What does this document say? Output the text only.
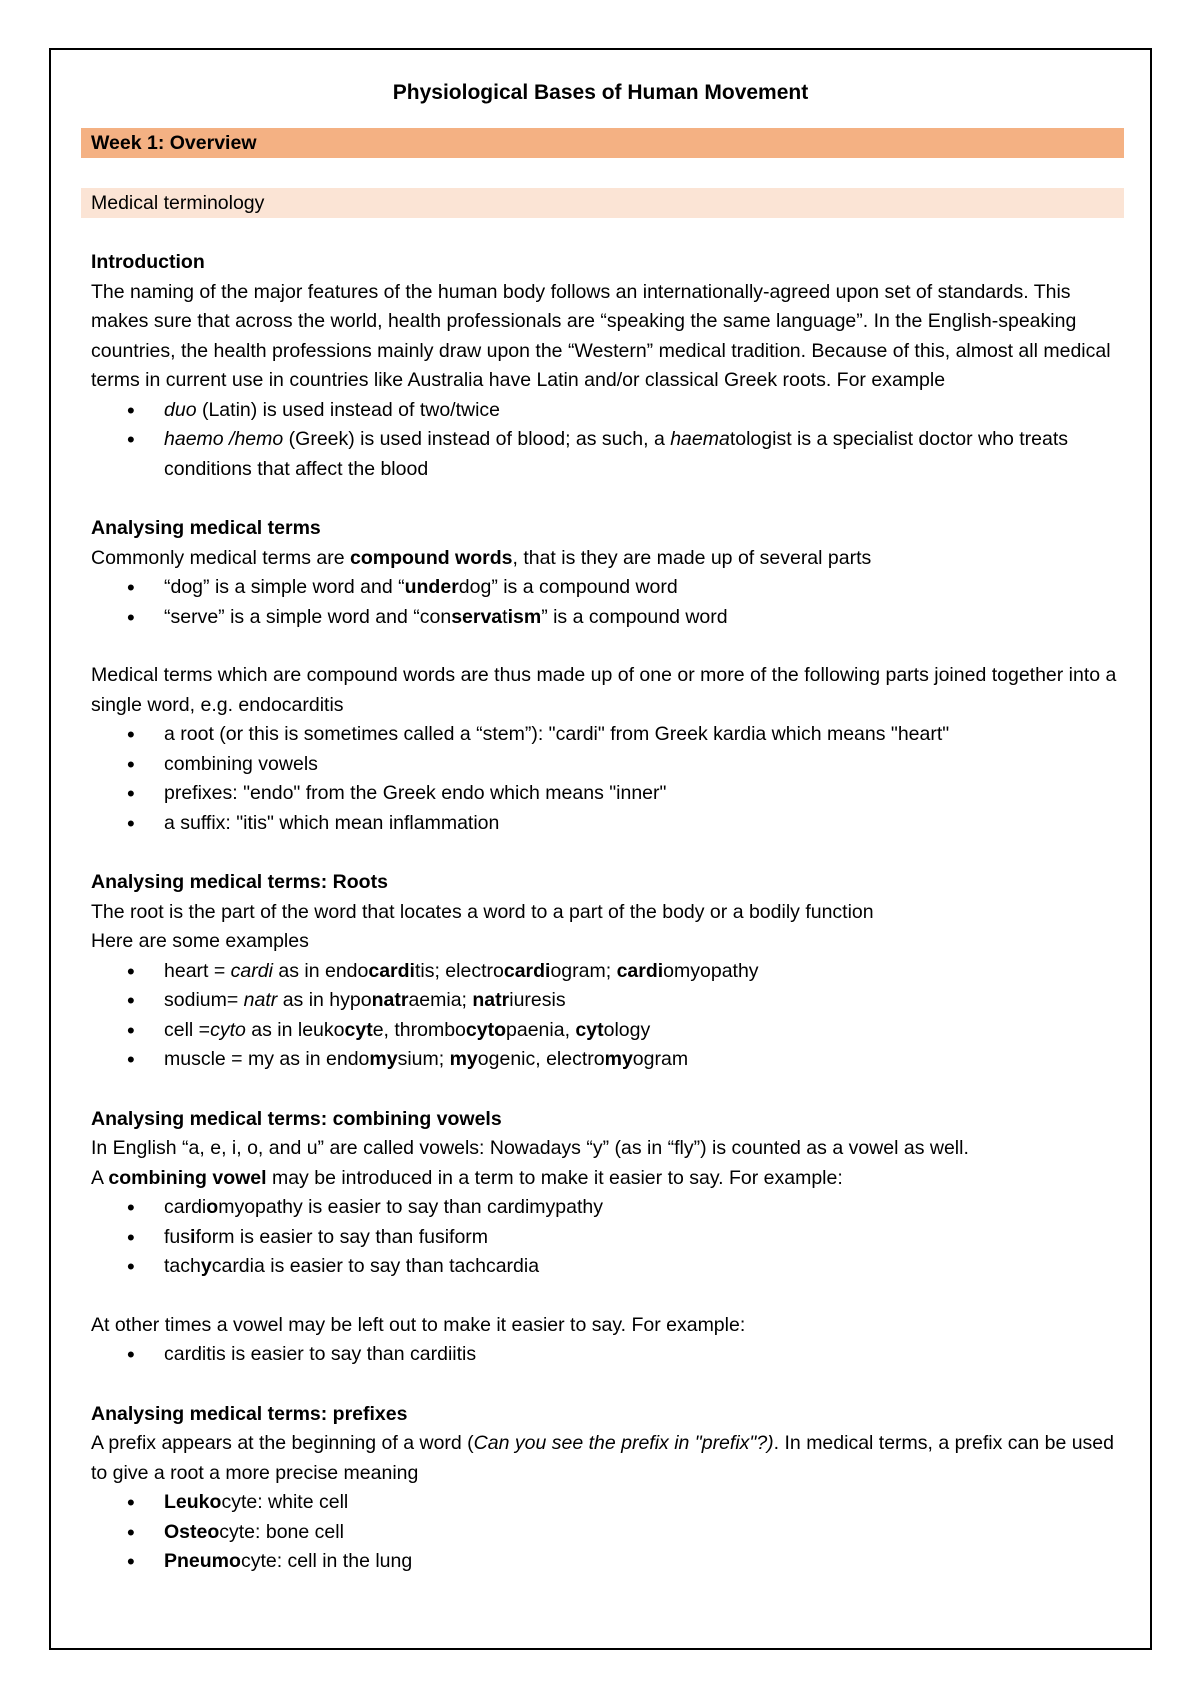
Physiological Bases of Human Movement
Week 1: Overview
Medical terminology
Introduction

The naming of the major features of the human body follows an internationally-agreed upon set of standards. This makes sure that across the world, health professionals are “speaking the same language”. In the English-speaking countries, the health professions mainly draw upon the “Western” medical tradition. Because of this, almost all medical terms in current use in countries like Australia have Latin and/or classical Greek roots. For example

• duo (Latin) is used instead of two/twice
• haemo /hemo (Greek) is used instead of blood; as such, a haematologist is a specialist doctor who treats conditions that affect the blood
Analysing medical terms

Commonly medical terms are compound words, that is they are made up of several parts

• “dog” is a simple word and “underdog” is a compound word
• “serve” is a simple word and “conservatism” is a compound word

Medical terms which are compound words are thus made up of one or more of the following parts joined together into a single word, e.g. endocarditis

• a root (or this is sometimes called a “stem”): "cardi" from Greek kardia which means "heart"
• combining vowels
• prefixes: "endo" from the Greek endo which means "inner"
• a suffix: "itis" which mean inflammation
Analysing medical terms: Roots

The root is the part of the word that locates a word to a part of the body or a bodily function

Here are some examples

• heart = cardi as in endocarditis; electrocardiogram; cardiomyopathy
• sodium= natr as in hyponatraemia; natriuresis
• cell =cyto as in leukocyte, thrombocytopaenia, cytology
• muscle = my as in endomysium; myogenic, electromyogram
Analysing medical terms: combining vowels

In English “a, e, i, o, and u” are called vowels: Nowadays “y” (as in “fly”) is counted as a vowel as well.

A combining vowel may be introduced in a term to make it easier to say. For example:

• cardiomyopathy is easier to say than cardimypathy
• fusiform is easier to say than fusiform
• tachycardia is easier to say than tachcardia

At other times a vowel may be left out to make it easier to say. For example:

• carditis is easier to say than cardiitis
Analysing medical terms: prefixes

A prefix appears at the beginning of a word (Can you see the prefix in "prefix"?). In medical terms, a prefix can be used to give a root a more precise meaning

• Leukocyte: white cell
• Osteocyte: bone cell
• Pneumocyte: cell in the lung
